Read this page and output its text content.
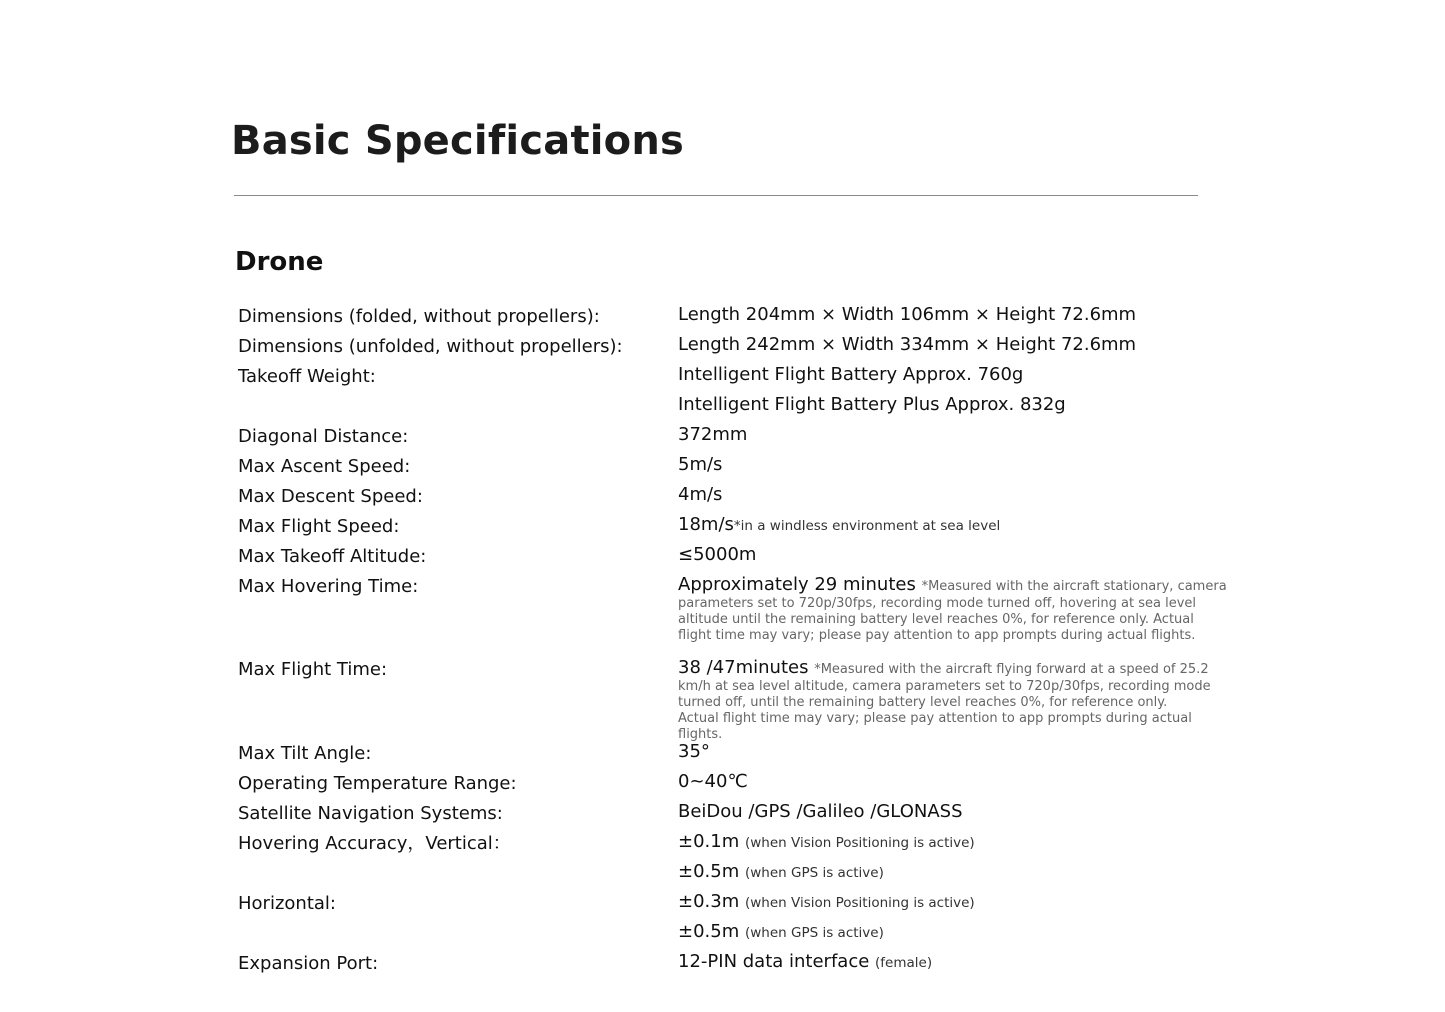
Basic Specifications
Drone
Dimensions (folded, without propellers):	Length 204mm × Width 106mm × Height 72.6mm
Dimensions (unfolded, without propellers):	Length 242mm × Width 334mm × Height 72.6mm
Takeoff Weight:	Intelligent Flight Battery Approx. 760g
Intelligent Flight Battery Plus Approx. 832g
Diagonal Distance:	372mm
Max Ascent Speed:	5m/s
Max Descent Speed:	4m/s
Max Flight Speed:	18m/s*in a windless environment at sea level
Max Takeoff Altitude:	≤5000m
Max Hovering Time:	Approximately 29 minutes *Measured with the aircraft stationary, camera
parameters set to 720p/30fps, recording mode turned off, hovering at sea level altitude until the remaining battery level reaches 0%, for reference only. Actual flight time may vary; please pay attention to app prompts during actual flights.
Max Flight Time:	38 /47minutes *Measured with the aircraft flying forward at a speed of 25.2
km/h at sea level altitude, camera parameters set to 720p/30fps, recording mode turned off, until the remaining battery level reaches 0%, for reference only. Actual flight time may vary; please pay attention to app prompts during actual flights.
Max Tilt Angle:	35°
Operating Temperature Range:	0~40℃
Satellite Navigation Systems:	BeiDou /GPS /Galileo /GLONASS
Hovering Accuracy，Vertical：	±0.1m (when Vision Positioning is active)
±0.5m (when GPS is active)
Horizontal:	±0.3m (when Vision Positioning is active)
±0.5m (when GPS is active)
Expansion Port:	12-PIN data interface (female)
